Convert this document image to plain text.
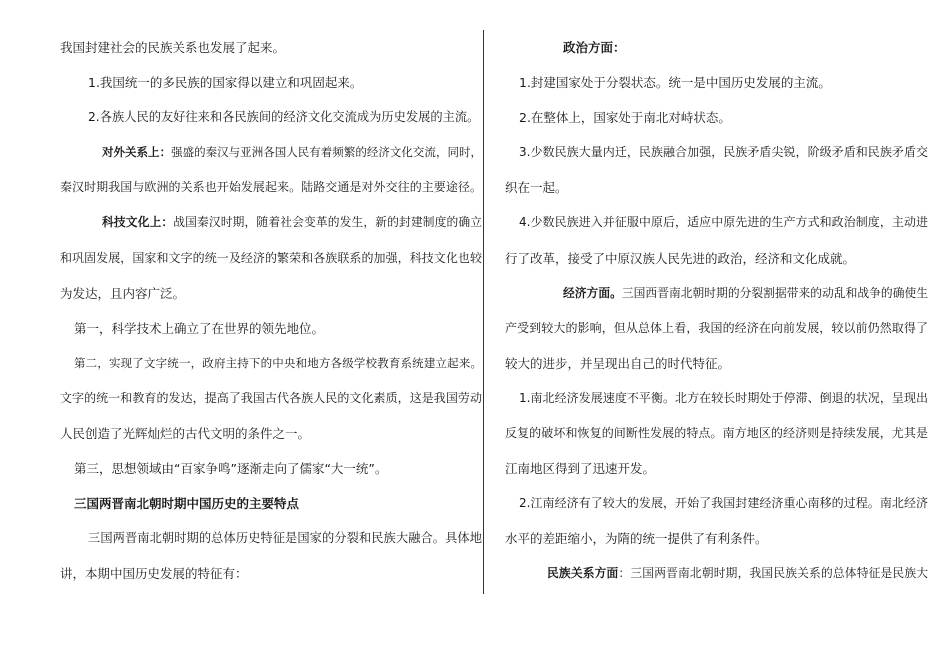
我国封建社会的民族关系也发展了起来。
1.我国统一的多民族的国家得以建立和巩固起来。
2.各族人民的友好往来和各民族间的经济文化交流成为历史发展的主流。
对外关系上：强盛的秦汉与亚洲各国人民有着频繁的经济文化交流，同时，
秦汉时期我国与欧洲的关系也开始发展起来。陆路交通是对外交往的主要途径。
科技文化上：战国秦汉时期，随着社会变革的发生，新的封建制度的确立
和巩固发展，国家和文字的统一及经济的繁荣和各族联系的加强，科技文化也较
为发达，且内容广泛。
第一，科学技术上确立了在世界的领先地位。
第二，实现了文字统一，政府主持下的中央和地方各级学校教育系统建立起来。
文字的统一和教育的发达，提高了我国古代各族人民的文化素质，这是我国劳动
人民创造了光辉灿烂的古代文明的条件之一。
第三，思想领域由“百家争鸣”逐渐走向了儒家“大一统”。
三国两晋南北朝时期中国历史的主要特点
三国两晋南北朝时期的总体历史特征是国家的分裂和民族大融合。具体地
讲，本期中国历史发展的特征有：
政治方面：
1.封建国家处于分裂状态。统一是中国历史发展的主流。
2.在整体上，国家处于南北对峙状态。
3.少数民族大量内迁，民族融合加强，民族矛盾尖锐，阶级矛盾和民族矛盾交
织在一起。
4.少数民族进入并征服中原后，适应中原先进的生产方式和政治制度，主动进
行了改革，接受了中原汉族人民先进的政治，经济和文化成就。
经济方面。三国西晋南北朝时期的分裂割据带来的动乱和战争的确使生
产受到较大的影响，但从总体上看，我国的经济在向前发展，较以前仍然取得了
较大的进步，并呈现出自己的时代特征。
1.南北经济发展速度不平衡。北方在较长时期处于停滞、倒退的状况，呈现出
反复的破坏和恢复的间断性发展的特点。南方地区的经济则是持续发展，尤其是
江南地区得到了迅速开发。
2.江南经济有了较大的发展，开始了我国封建经济重心南移的过程。南北经济
水平的差距缩小，为隋的统一提供了有利条件。
民族关系方面：三国两晋南北朝时期，我国民族关系的总体特征是民族大
